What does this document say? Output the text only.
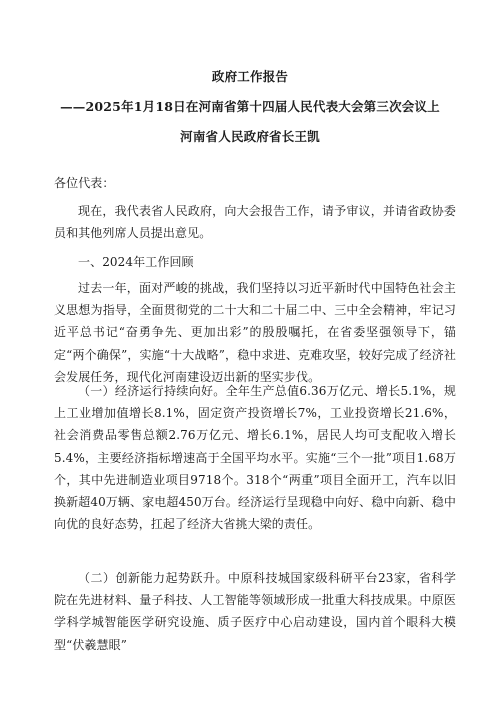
政府工作报告
——2025年1月18日在河南省第十四届人民代表大会第三次会议上
河南省人民政府省长王凯
各位代表：
现在，我代表省人民政府，向大会报告工作，请予审议，并请省政协委员和其他列席人员提出意见。
一、2024年工作回顾
过去一年，面对严峻的挑战，我们坚持以习近平新时代中国特色社会主义思想为指导，全面贯彻党的二十大和二十届二中、三中全会精神，牢记习近平总书记“奋勇争先、更加出彩”的殷殷嘱托，在省委坚强领导下，锚定“两个确保”，实施“十大战略”，稳中求进、克难攻坚，较好完成了经济社会发展任务，现代化河南建设迈出新的坚实步伐。
（一）经济运行持续向好。全年生产总值6.36万亿元、增长5.1%，规上工业增加值增长8.1%，固定资产投资增长7%，工业投资增长21.6%，社会消费品零售总额2.76万亿元、增长6.1%，居民人均可支配收入增长5.4%，主要经济指标增速高于全国平均水平。实施“三个一批”项目1.68万个，其中先进制造业项目9718个。318个“两重”项目全面开工，汽车以旧换新超40万辆、家电超450万台。经济运行呈现稳中向好、稳中向新、稳中向优的良好态势，扛起了经济大省挑大梁的责任。
（二）创新能力起势跃升。中原科技城国家级科研平台23家，省科学院在先进材料、量子科技、人工智能等领域形成一批重大科技成果。中原医学科学城智能医学研究设施、质子医疗中心启动建设，国内首个眼科大模型“伏羲慧眼”
